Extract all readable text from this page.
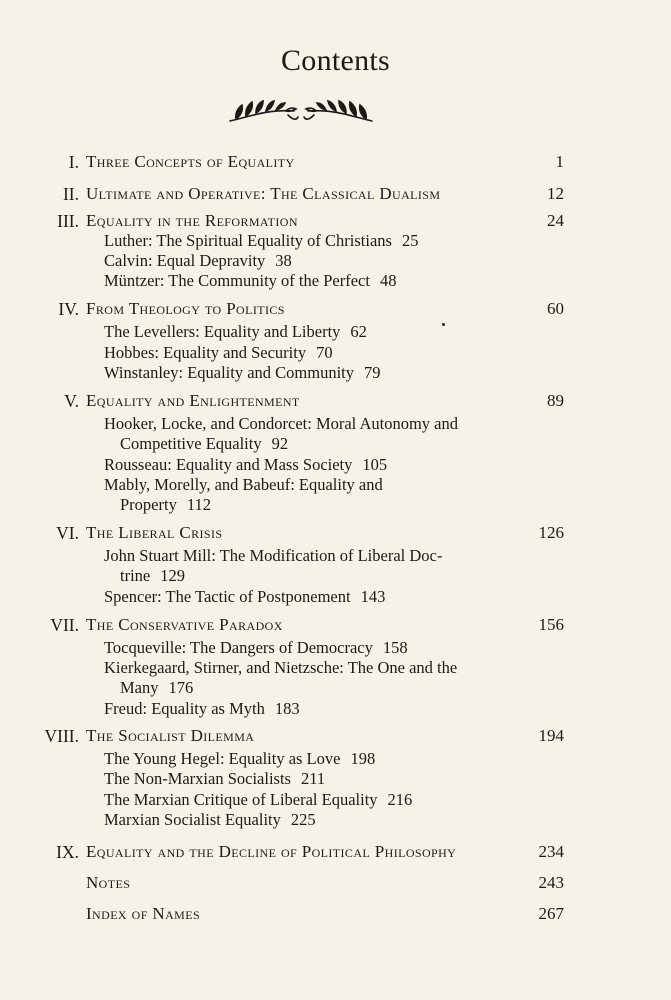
Contents
I. Three Concepts of Equality	1
II. Ultimate and Operative: The Classical Dualism	12
III. Equality in the Reformation	24
Luther: The Spiritual Equality of Christians 25
Calvin: Equal Depravity 38
Müntzer: The Community of the Perfect 48
IV. From Theology to Politics	60
The Levellers: Equality and Liberty 62
Hobbes: Equality and Security 70
Winstanley: Equality and Community 79
V. Equality and Enlightenment	89
Hooker, Locke, and Condorcet: Moral Autonomy and
Competitive Equality 92
Rousseau: Equality and Mass Society 105
Mably, Morelly, and Babeuf: Equality and
Property 112
VI. The Liberal Crisis	126
John Stuart Mill: The Modification of Liberal Doc-
trine 129
Spencer: The Tactic of Postponement 143
VII. The Conservative Paradox	156
Tocqueville: The Dangers of Democracy 158
Kierkegaard, Stirner, and Nietzsche: The One and the
Many 176
Freud: Equality as Myth 183
VIII. The Socialist Dilemma	194
The Young Hegel: Equality as Love 198
The Non-Marxian Socialists 211
The Marxian Critique of Liberal Equality 216
Marxian Socialist Equality 225
IX. Equality and the Decline of Political Philosophy	234
Notes	243
Index of Names	267
